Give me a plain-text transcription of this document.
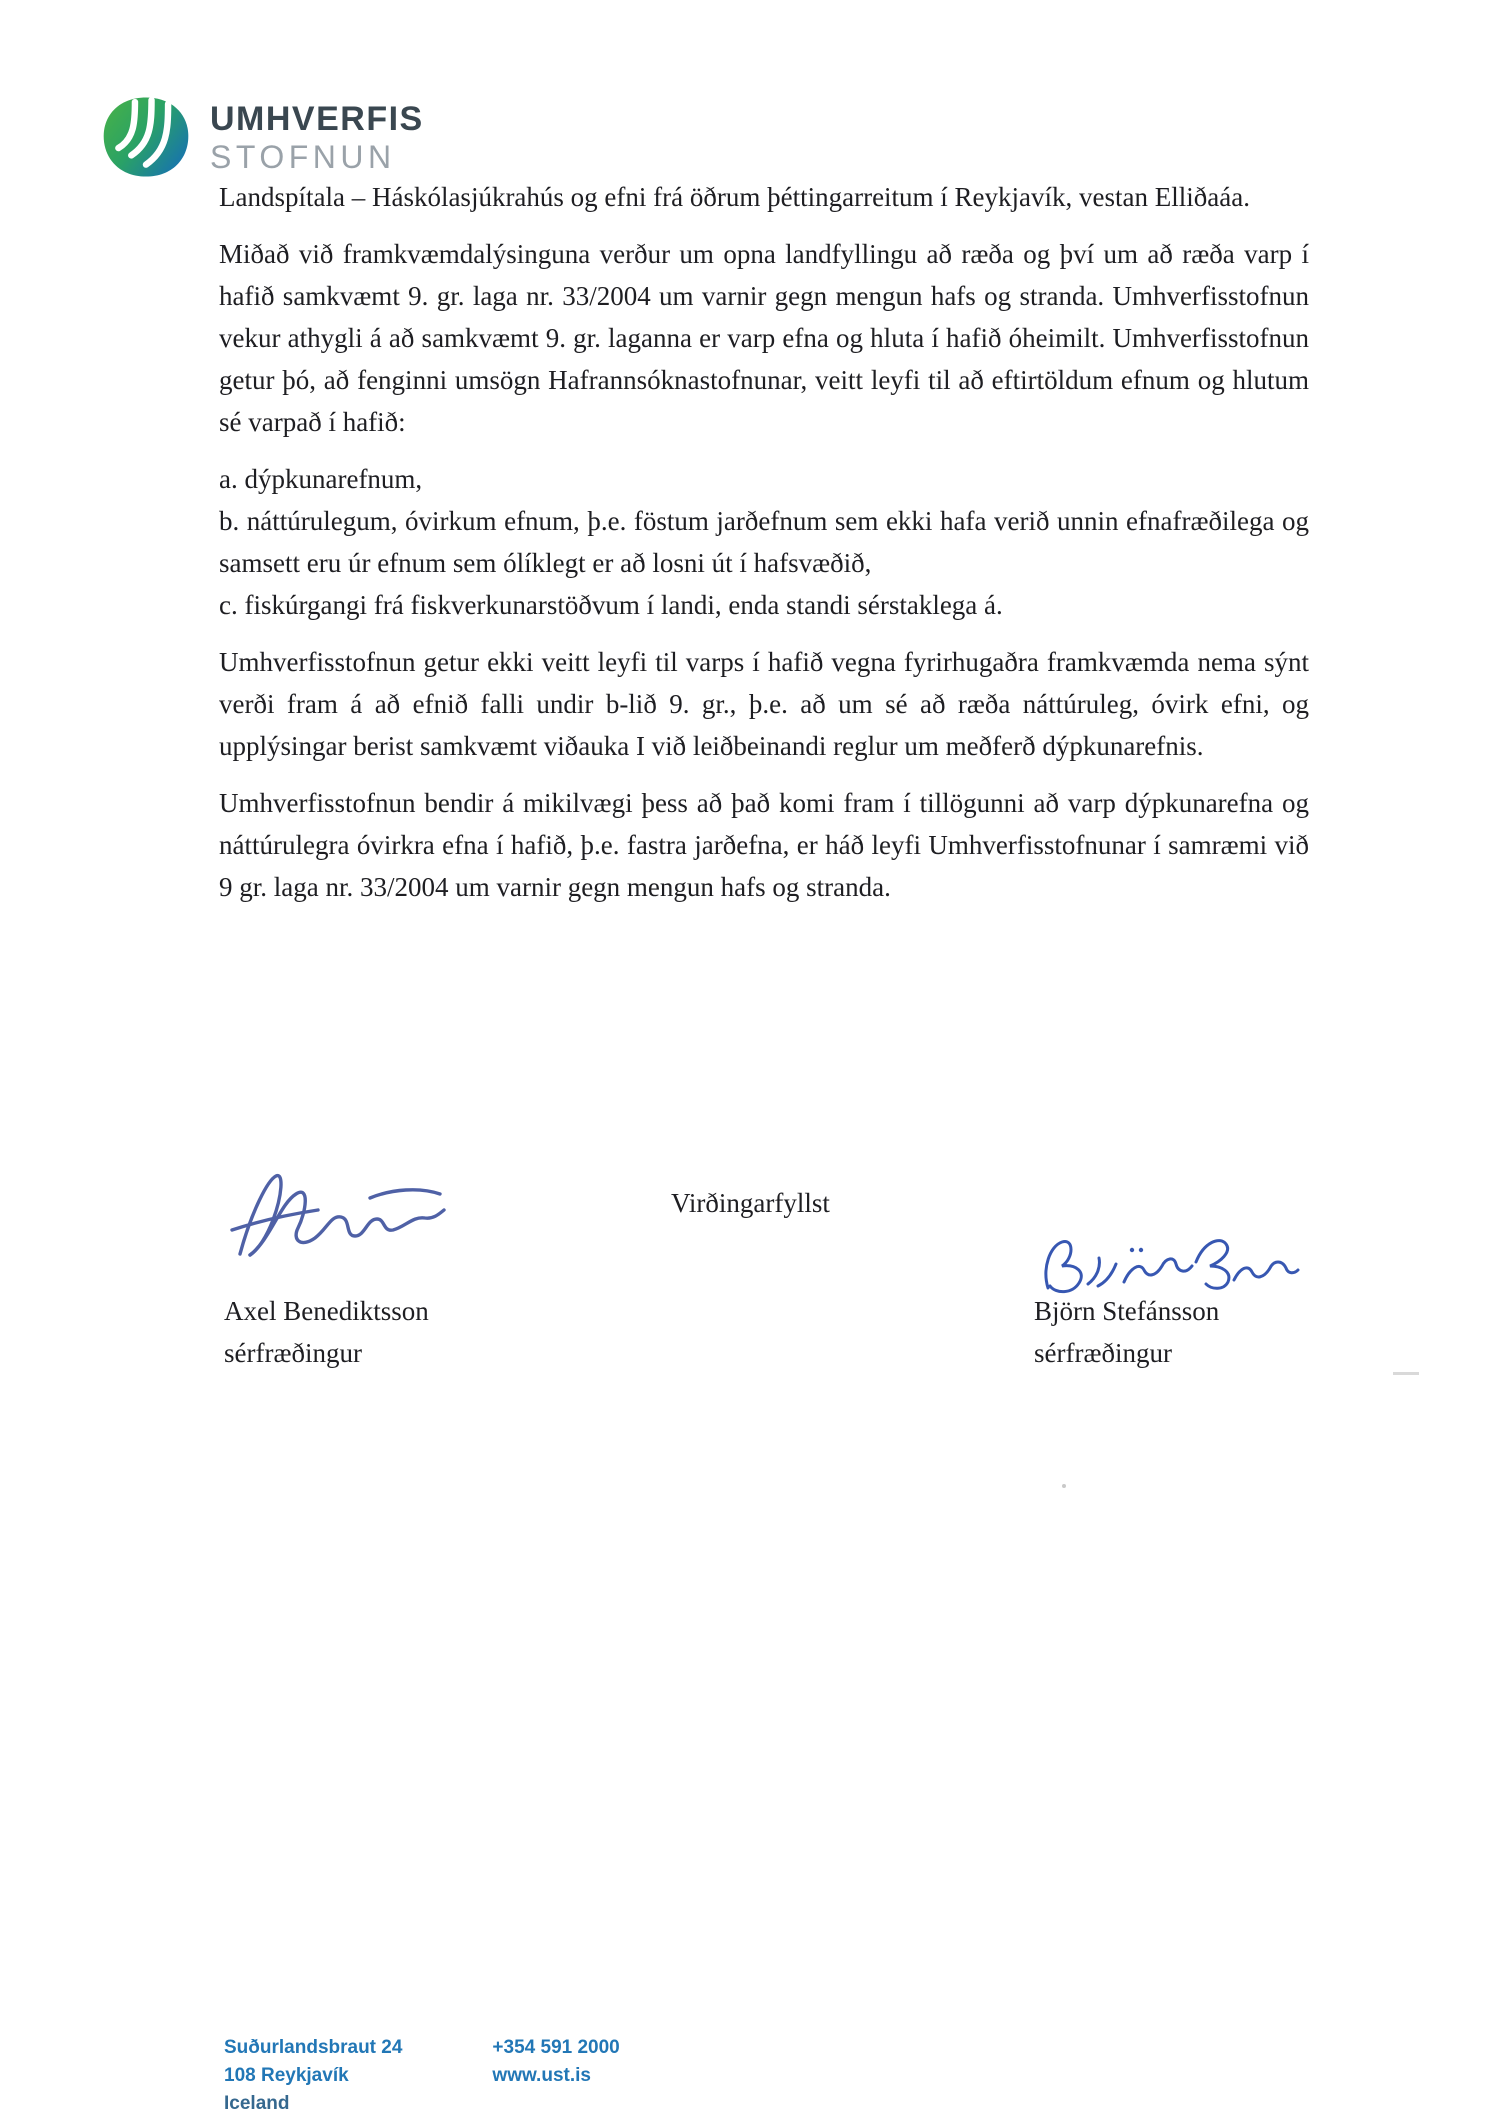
UMHVERFIS
STOFNUN

Landspítala – Háskólasjúkrahús og efni frá öðrum þéttingarreitum í Reykjavík, vestan Elliðaáa.

Miðað við framkvæmdalýsinguna verður um opna landfyllingu að ræða og því um að ræða varp í hafið samkvæmt 9. gr. laga nr. 33/2004 um varnir gegn mengun hafs og stranda. Umhverfisstofnun vekur athygli á að samkvæmt 9. gr. laganna er varp efna og hluta í hafið óheimilt. Umhverfisstofnun getur þó, að fenginni umsögn Hafrannsóknastofnunar, veitt leyfi til að eftirtöldum efnum og hlutum sé varpað í hafið:

a. dýpkunarefnum,

b. náttúrulegum, óvirkum efnum, þ.e. föstum jarðefnum sem ekki hafa verið unnin efnafræðilega og samsett eru úr efnum sem ólíklegt er að losni út í hafsvæðið,

c. fiskúrgangi frá fiskverkunarstöðvum í landi, enda standi sérstaklega á.

Umhverfisstofnun getur ekki veitt leyfi til varps í hafið vegna fyrirhugaðra framkvæmda nema sýnt verði fram á að efnið falli undir b-lið 9. gr., þ.e. að um sé að ræða náttúruleg, óvirk efni, og upplýsingar berist samkvæmt viðauka I við leiðbeinandi reglur um meðferð dýpkunarefnis.

Umhverfisstofnun bendir á mikilvægi þess að það komi fram í tillögunni að varp dýpkunarefna og náttúrulegra óvirkra efna í hafið, þ.e. fastra jarðefna, er háð leyfi Umhverfisstofnunar í samræmi við 9 gr. laga nr. 33/2004 um varnir gegn mengun hafs og stranda.

Virðingarfyllst
Axel Benediktsson
sérfræðingur
Björn Stefánsson
sérfræðingur
Suðurlandsbraut 24
108 Reykjavík
Iceland
+354 591 2000
www.ust.is
